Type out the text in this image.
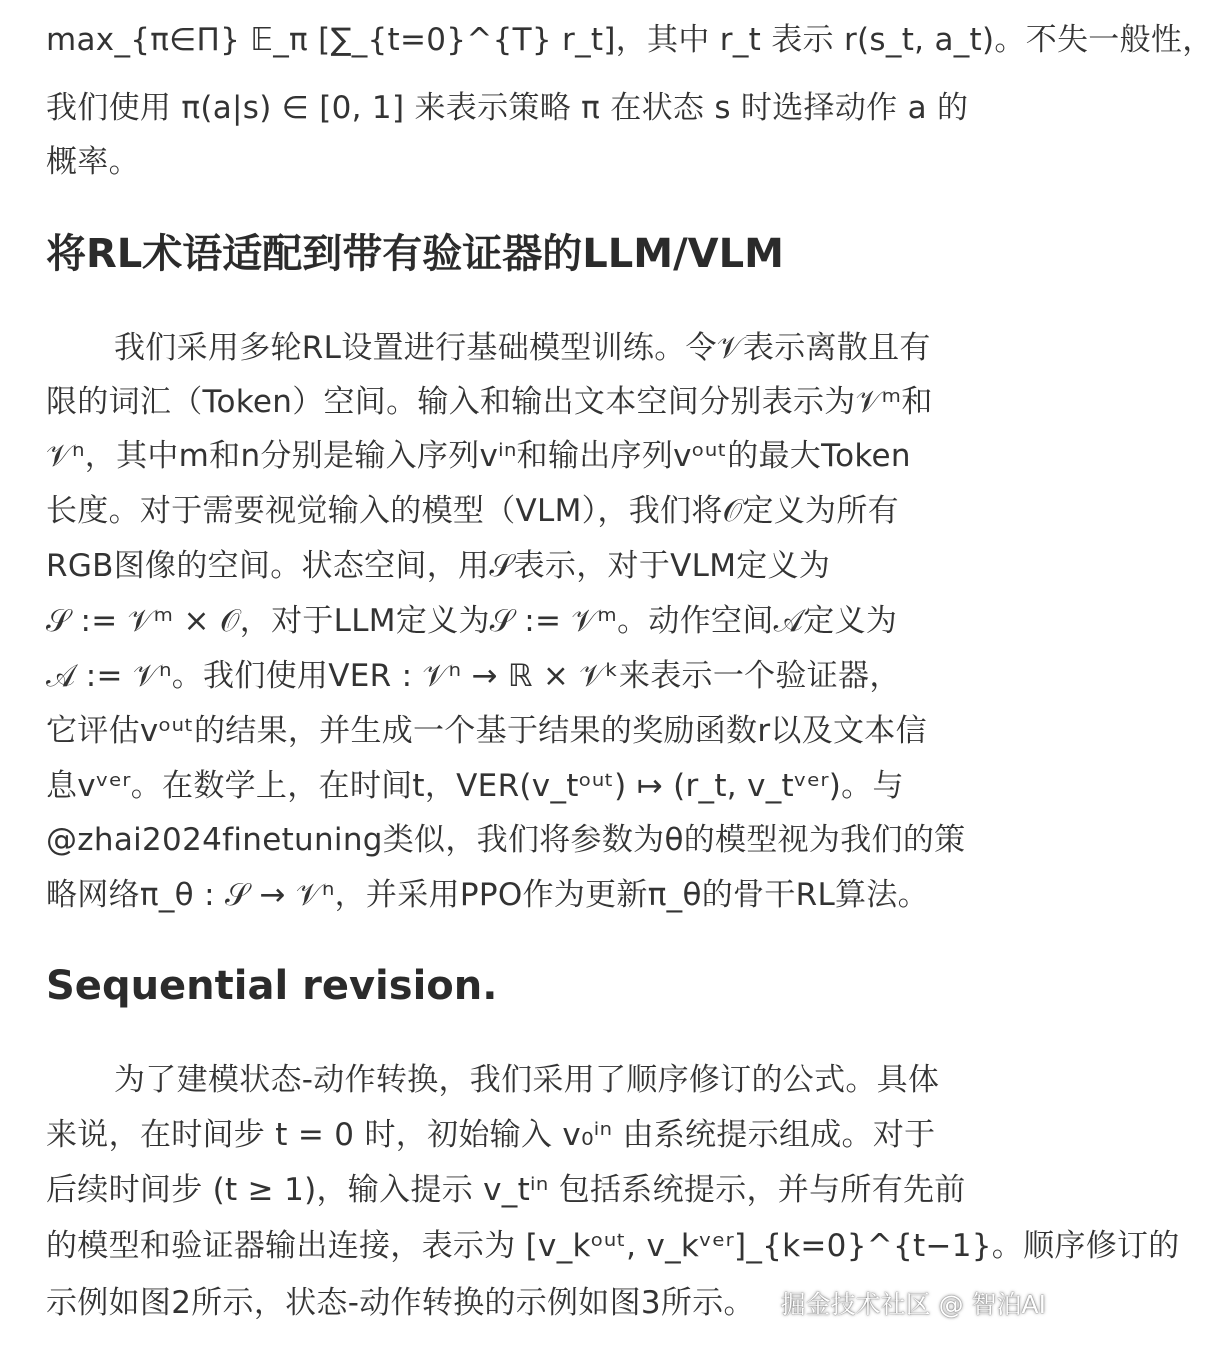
max_{π∈Π} 𝔼_π [∑_{t=0}^{T} r_t]，其中 r_t 表示 r(s_t, a_t)。不失一般性，
我们使用 π(a|s) ∈ [0, 1] 来表示策略 π 在状态 s 时选择动作 a 的
概率。
将RL术语适配到带有验证器的LLM/VLM
我们采用多轮RL设置进行基础模型训练。令𝒱表示离散且有
限的词汇（Token）空间。输入和输出文本空间分别表示为𝒱ᵐ和
𝒱ⁿ，其中m和n分别是输入序列vⁱⁿ和输出序列vᵒᵘᵗ的最大Token
长度。对于需要视觉输入的模型（VLM），我们将𝒪定义为所有
RGB图像的空间。状态空间，用𝒮表示，对于VLM定义为
𝒮 := 𝒱ᵐ × 𝒪，对于LLM定义为𝒮 := 𝒱ᵐ。动作空间𝒜定义为
𝒜 := 𝒱ⁿ。我们使用VER : 𝒱ⁿ → ℝ × 𝒱ᵏ来表示一个验证器，
它评估vᵒᵘᵗ的结果，并生成一个基于结果的奖励函数r以及文本信
息vᵛᵉʳ。在数学上，在时间t，VER(v_tᵒᵘᵗ) ↦ (r_t, v_tᵛᵉʳ)。与
@zhai2024finetuning类似，我们将参数为θ的模型视为我们的策
略网络π_θ : 𝒮 → 𝒱ⁿ，并采用PPO作为更新π_θ的骨干RL算法。
Sequential revision.
为了建模状态-动作转换，我们采用了顺序修订的公式。具体
来说，在时间步 t = 0 时，初始输入 v₀ⁱⁿ 由系统提示组成。对于
后续时间步 (t ≥ 1)，输入提示 v_tⁱⁿ 包括系统提示，并与所有先前
的模型和验证器输出连接，表示为 [v_kᵒᵘᵗ, v_kᵛᵉʳ]_{k=0}^{t−1}。顺序修订的
示例如图2所示，状态-动作转换的示例如图3所示。	掘金技术社区 @ 智泊AI
